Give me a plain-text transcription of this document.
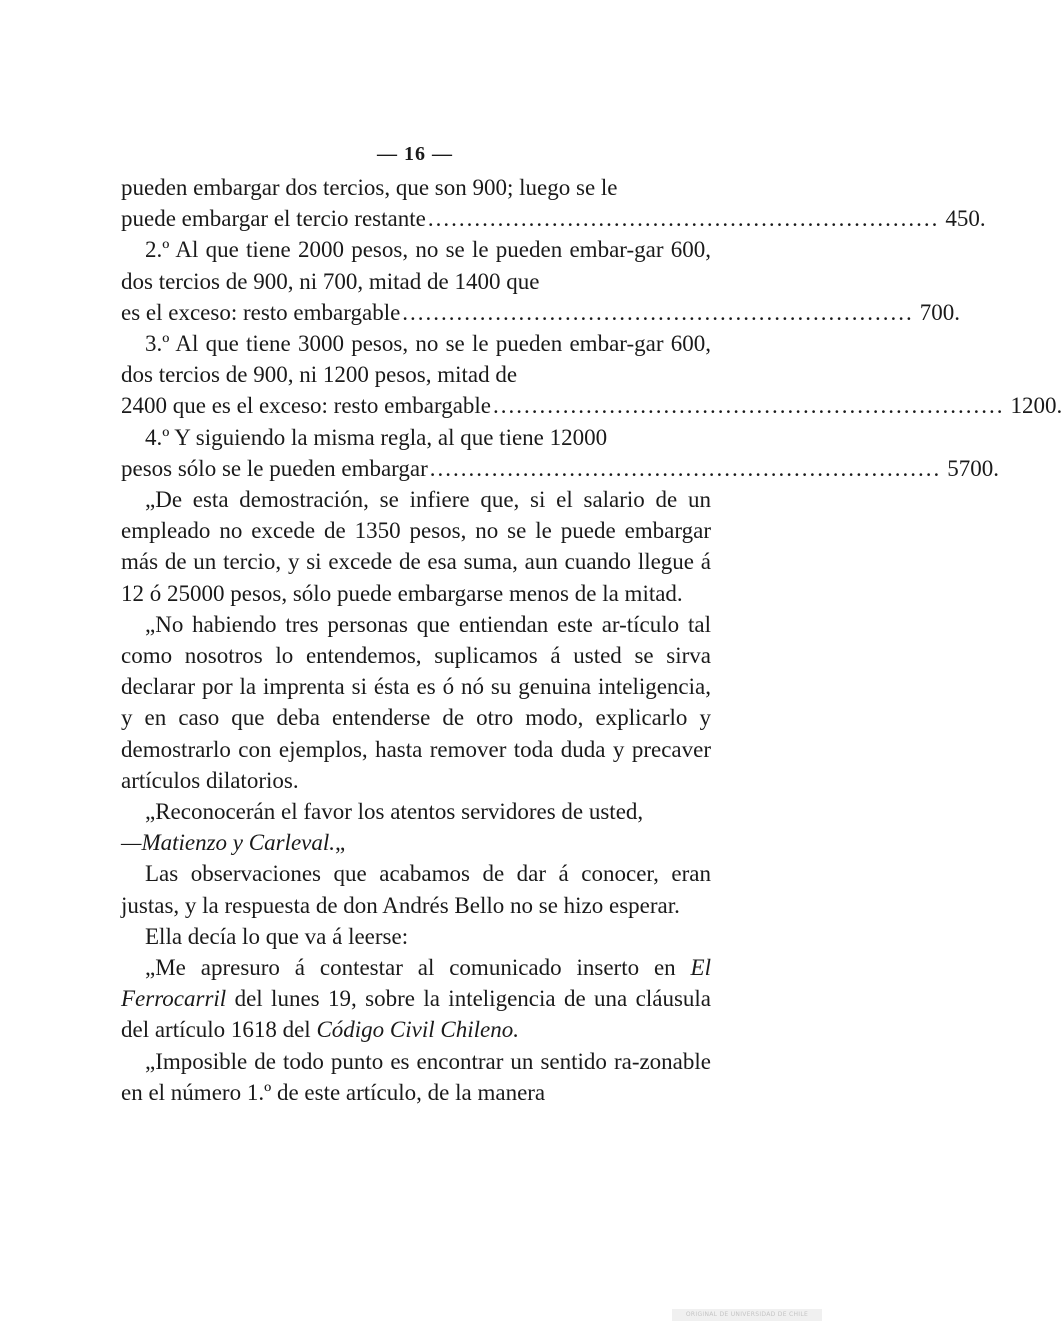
— 16 —

pueden embargar dos tercios, que son 900; luego se le

puede embargar el tercio restante .................................................................. 450.

2.º Al que tiene 2000 pesos, no se le pueden embar-gar 600, dos tercios de 900, ni 700, mitad de 1400 que

es el exceso: resto embargable .................................................................. 700.

3.º Al que tiene 3000 pesos, no se le pueden embar-gar 600, dos tercios de 900, ni 1200 pesos, mitad de

2400 que es el exceso: resto embargable .................................................................. 1200.

4.º Y siguiendo la misma regla, al que tiene 12000

pesos sólo se le pueden embargar .................................................................. 5700.

„De esta demostración, se infiere que, si el salario de un empleado no excede de 1350 pesos, no se le puede embargar más de un tercio, y si excede de esa suma, aun cuando llegue á 12 ó 25000 pesos, sólo puede embargarse menos de la mitad.

„No habiendo tres personas que entiendan este ar-tículo tal como nosotros lo entendemos, suplicamos á usted se sirva declarar por la imprenta si ésta es ó nó su genuina inteligencia, y en caso que deba entenderse de otro modo, explicarlo y demostrarlo con ejemplos, hasta remover toda duda y precaver artículos dilatorios.

„Reconocerán el favor los atentos servidores de usted,

—Matienzo y Carleval.„

Las observaciones que acabamos de dar á conocer, eran justas, y la respuesta de don Andrés Bello no se hizo esperar.

Ella decía lo que va á leerse:

„Me apresuro á contestar al comunicado inserto en El Ferrocarril del lunes 19, sobre la inteligencia de una cláusula del artículo 1618 del Código Civil Chileno.

„Imposible de todo punto es encontrar un sentido ra-zonable en el número 1.º de este artículo, de la manera

ORIGINAL DE UNIVERSIDAD DE CHILE
